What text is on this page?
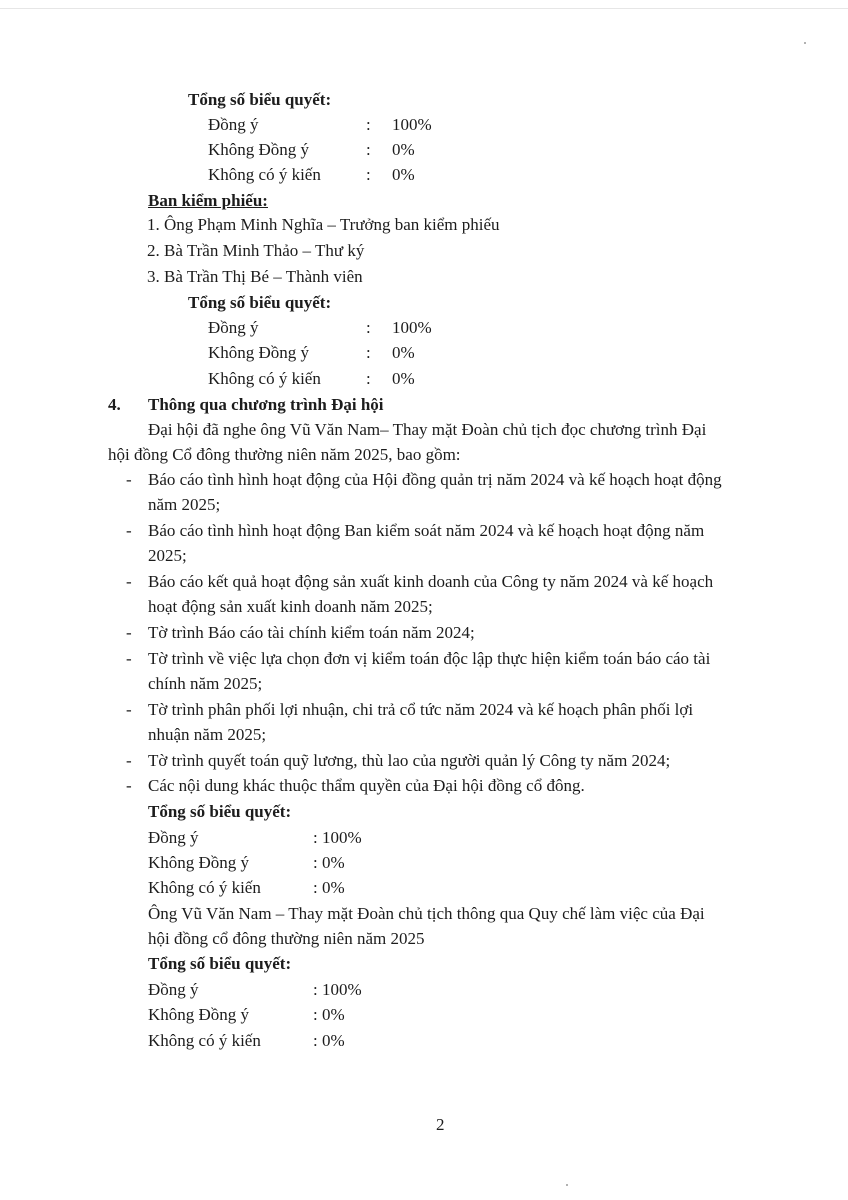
Tổng số biểu quyết:
Đồng ý	: 100%
Không Đồng ý	: 0%
Không có ý kiến	: 0%
Ban kiểm phiếu:
1. Ông Phạm Minh Nghĩa – Trưởng ban kiểm phiếu
2. Bà Trần Minh Thảo – Thư ký
3. Bà Trần Thị Bé – Thành viên
Tổng số biểu quyết:
Đồng ý	: 100%
Không Đồng ý	: 0%
Không có ý kiến	: 0%
4. Thông qua chương trình Đại hội
Đại hội đã nghe ông Vũ Văn Nam– Thay mặt Đoàn chủ tịch đọc chương trình Đại
hội đồng Cổ đông thường niên năm 2025, bao gồm:
- Báo cáo tình hình hoạt động của Hội đồng quản trị năm 2024 và kế hoạch hoạt động
năm 2025;
- Báo cáo tình hình hoạt động Ban kiểm soát năm 2024 và kế hoạch hoạt động năm
2025;
- Báo cáo kết quả hoạt động sản xuất kinh doanh của Công ty năm 2024 và kế hoạch
hoạt động sản xuất kinh doanh năm 2025;
- Tờ trình Báo cáo tài chính kiểm toán năm 2024;
- Tờ trình về việc lựa chọn đơn vị kiểm toán độc lập thực hiện kiểm toán báo cáo tài
chính năm 2025;
- Tờ trình phân phối lợi nhuận, chi trả cổ tức năm 2024 và kế hoạch phân phối lợi
nhuận năm 2025;
- Tờ trình quyết toán quỹ lương, thù lao của người quản lý Công ty năm 2024;
- Các nội dung khác thuộc thẩm quyền của Đại hội đồng cổ đông.
Tổng số biểu quyết:
Đồng ý	: 100%
Không Đồng ý	: 0%
Không có ý kiến	: 0%
Ông Vũ Văn Nam – Thay mặt Đoàn chủ tịch thông qua Quy chế làm việc của Đại
hội đồng cổ đông thường niên năm 2025
Tổng số biểu quyết:
Đồng ý	: 100%
Không Đồng ý	: 0%
Không có ý kiến	: 0%
2
